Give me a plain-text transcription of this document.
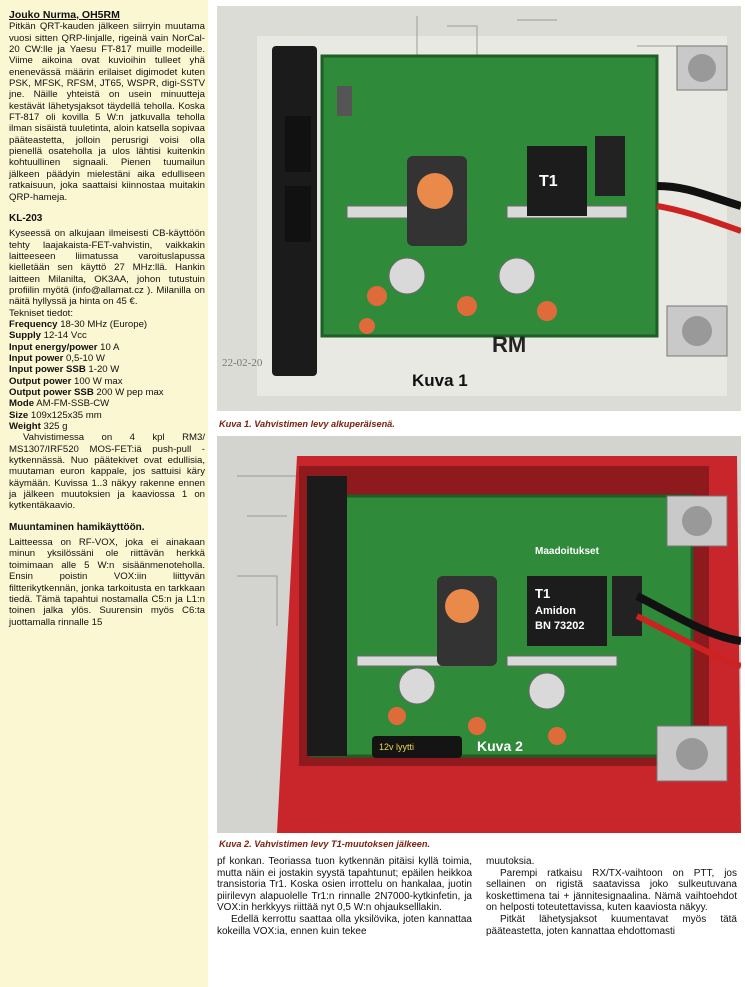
Jouko Nurma, OH5RM

Pitkän QRT-kauden jälkeen siirryin muutama vuosi sitten QRP-linjalle, rigeinä vain NorCal-20 CW:lle ja Yaesu FT-817 muille modeille. Viime aikoina ovat kuvioihin tulleet yhä enenevässä määrin erilaiset digimodet kuten PSK, MFSK, RFSM, JT65, WSPR, digi-SSTV jne. Näille yhteistä on usein minuutteja kestävät lähetysjaksot täydellä teholla. Koska FT-817 oli kovilla 5 W:n jatkuvalla teholla ilman sisäistä tuuletinta, aloin katsella sopivaa pääteastetta, jolloin perusrigi voisi olla pienellä osateholla ja ulos lähtisi kuitenkin kohtuullinen signaali. Pienen tuumailun jälkeen päädyin mielestäni aika edulliseen ratkaisuun, joka saattaisi kiinnostaa muitakin QRP-hameja.

KL-203

Kyseessä on alkujaan ilmeisesti CB-käyttöön tehty laajakaista-FET-vahvistin, vaikkakin laitteeseen liimatussa varoituslapussa kielletään sen käyttö 27 MHz:llä. Hankin laitteen Milanilta, OK3AA, johon tutustuin profiilin myötä (info@allamat.cz ). Milanilla on näitä hyllyssä ja hinta on 45 €.

Tekniset tiedot:

Frequency 18-30 MHz (Europe)
Supply 12-14 Vcc
Input energy/power 10 A
Input power 0,5-10 W
Input power SSB 1-20 W
Output power 100 W max
Output power SSB 200 W pep max
Mode AM-FM-SSB-CW
Size 109x125x35 mm
Weight 325 g

Vahvistimessa on 4 kpl RM3/ MS1307/IRF520 MOS-FET:iä push-pull -kytkennässä. Nuo päätekivet ovat edullisia, muutaman euron kappale, jos sattuisi käry käymään. Kuvissa 1..3 näkyy rakenne ennen ja jälkeen muutoksien ja kaaviossa 1 on kytkentäkaavio.

Muuntaminen hamikäyttöön.

Laitteessa on RF-VOX, joka ei ainakaan minun yksilössäni ole riittävän herkkä toimimaan alle 5 W:n sisäänmenoteholla. Ensin poistin VOX:iin liittyvän filtterikytkennän, jonka tarkoitusta en tarkkaan tiedä. Tämä tapahtui nostamalla C5:n ja L1:n toinen jalka ylös. Suurensin myös C6:ta juottamalla rinnalle 15

T1
RM
22-02-20
Kuva 1
Kuva 1. Vahvistimen levy alkuperäisenä.
T1
Amidon
BN 73202
Maadoitukset
12v lyytti	Kuva 2
Kuva 2. Vahvistimen levy T1-muutoksen jälkeen.

pf konkan. Teoriassa tuon kytkennän pitäisi kyllä toimia, mutta näin ei jostakin syystä tapahtunut; epäilen heikkoa transistoria Tr1. Koska osien irrottelu on hankalaa, juotin piirilevyn alapuolelle Tr1:n rinnalle 2N7000-kytkinfetin, ja VOX:in herkkyys riittää nyt 0,5 W:n ohjaukselllakin.

Edellä kerrottu saattaa olla yksilövika, joten kannattaa kokeilla VOX:ia, ennen kuin tekee

muutoksia.

Parempi ratkaisu RX/TX-vaihtoon on PTT, jos sellainen on rigistä saatavissa joko sulkeutuvana koskettimena tai + jännitesignaalina. Nämä vaihtoehdot on helposti toteutettavissa, kuten kaaviosta näkyy.

Pitkät lähetysjaksot kuumentavat myös tätä pääteastetta, joten kannattaa ehdottomasti
